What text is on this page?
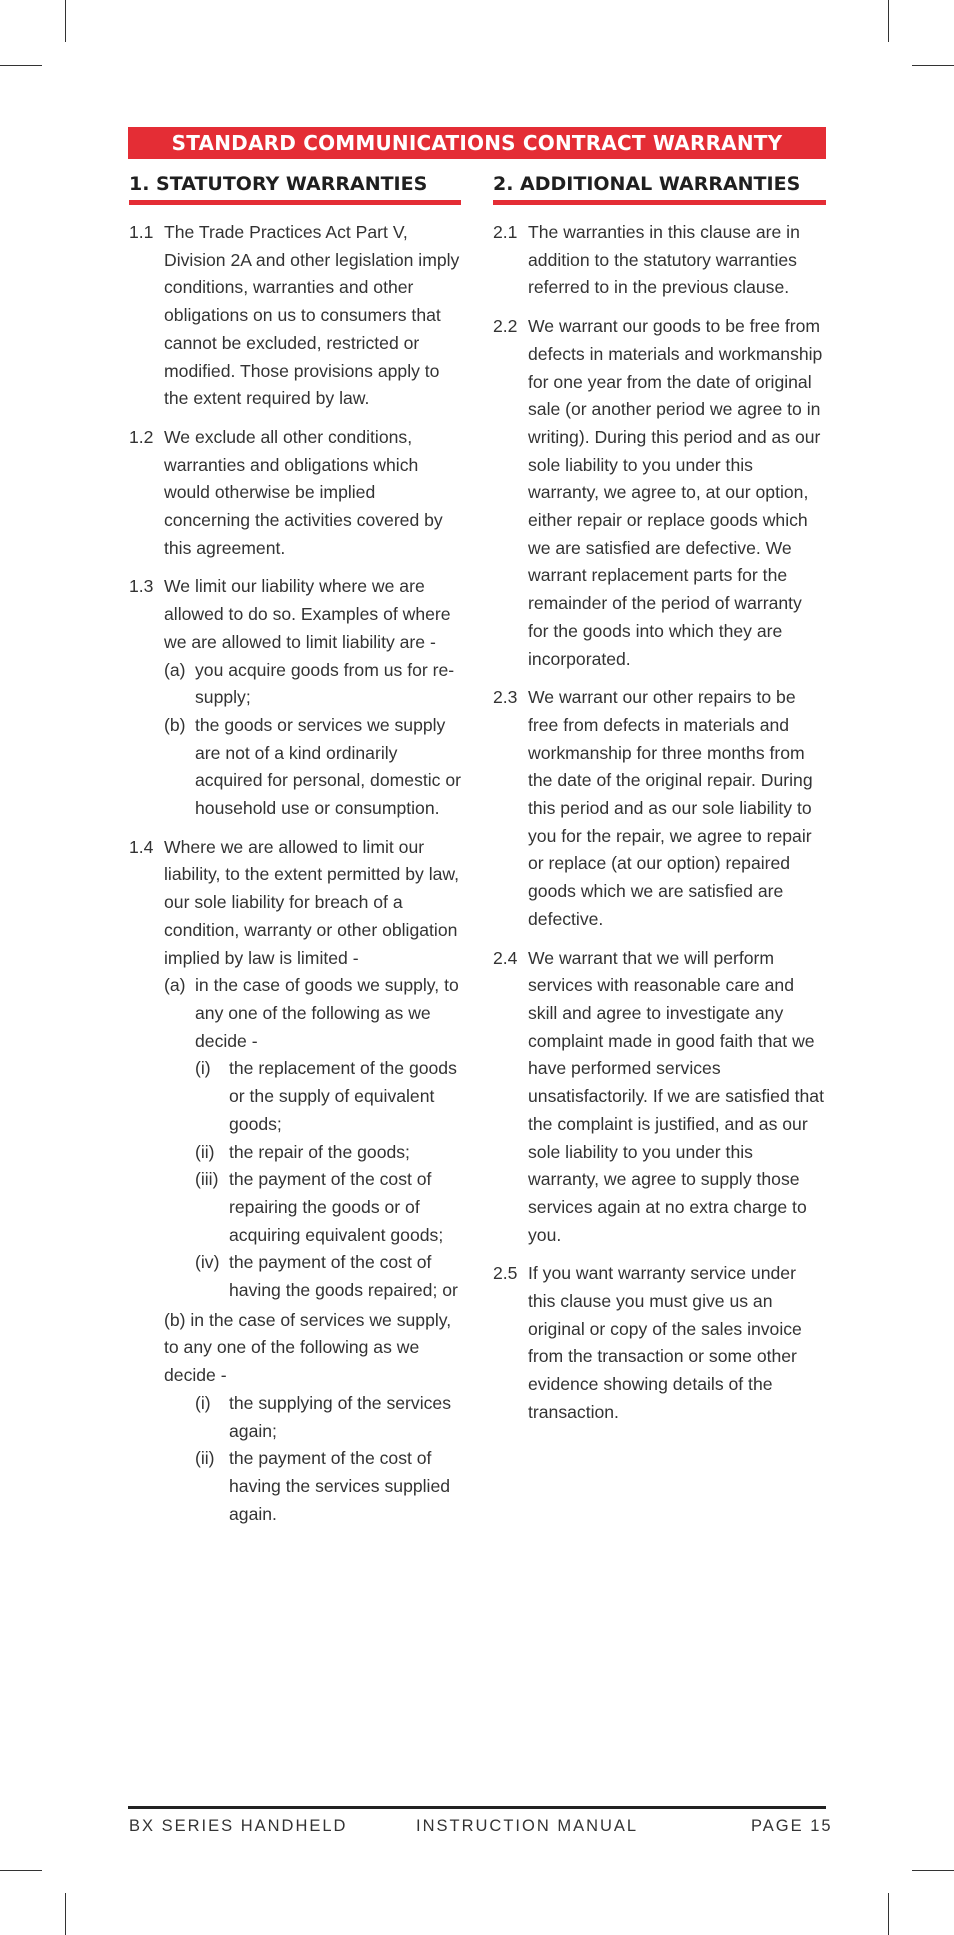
STANDARD COMMUNICATIONS CONTRACT WARRANTY
1. STATUTORY WARRANTIES
1.1 The Trade Practices Act Part V, Division 2A and other legislation imply conditions, warranties and other obligations on us to consumers that cannot be excluded, restricted or modified. Those provisions apply to the extent required by law.
1.2 We exclude all other conditions, warranties and obligations which would otherwise be implied concerning the activities covered by this agreement.
1.3 We limit our liability where we are allowed to do so. Examples of where we are allowed to limit liability are -
(a) you acquire goods from us for re-supply;
(b) the goods or services we supply are not of a kind ordinarily acquired for personal, domestic or household use or consumption.
1.4 Where we are allowed to limit our liability, to the extent permitted by law, our sole liability for breach of a condition, warranty or other obligation implied by law is limited -
(a) in the case of goods we supply, to any one of the following as we decide -
(i) the replacement of the goods or the supply of equivalent goods;
(ii) the repair of the goods;
(iii) the payment of the cost of repairing the goods or of acquiring equivalent goods;
(iv) the payment of the cost of having the goods repaired; or
(b) in the case of services we supply, to any one of the following as we decide -
(i) the supplying of the services again;
(ii) the payment of the cost of having the services supplied again.
2. ADDITIONAL WARRANTIES
2.1 The warranties in this clause are in addition to the statutory warranties referred to in the previous clause.
2.2 We warrant our goods to be free from defects in materials and workmanship for one year from the date of original sale (or another period we agree to in writing). During this period and as our sole liability to you under this warranty, we agree to, at our option, either repair or replace goods which we are satisfied are defective. We warrant replacement parts for the remainder of the period of warranty for the goods into which they are incorporated.
2.3 We warrant our other repairs to be free from defects in materials and workmanship for three months from the date of the original repair. During this period and as our sole liability to you for the repair, we agree to repair or replace (at our option) repaired goods which we are satisfied are defective.
2.4 We warrant that we will perform services with reasonable care and skill and agree to investigate any complaint made in good faith that we have performed services unsatisfactorily. If we are satisfied that the complaint is justified, and as our sole liability to you under this warranty, we agree to supply those services again at no extra charge to you.
2.5 If you want warranty service under this clause you must give us an original or copy of the sales invoice from the transaction or some other evidence showing details of the transaction.
BX SERIES HANDHELD	INSTRUCTION MANUAL	PAGE 15
